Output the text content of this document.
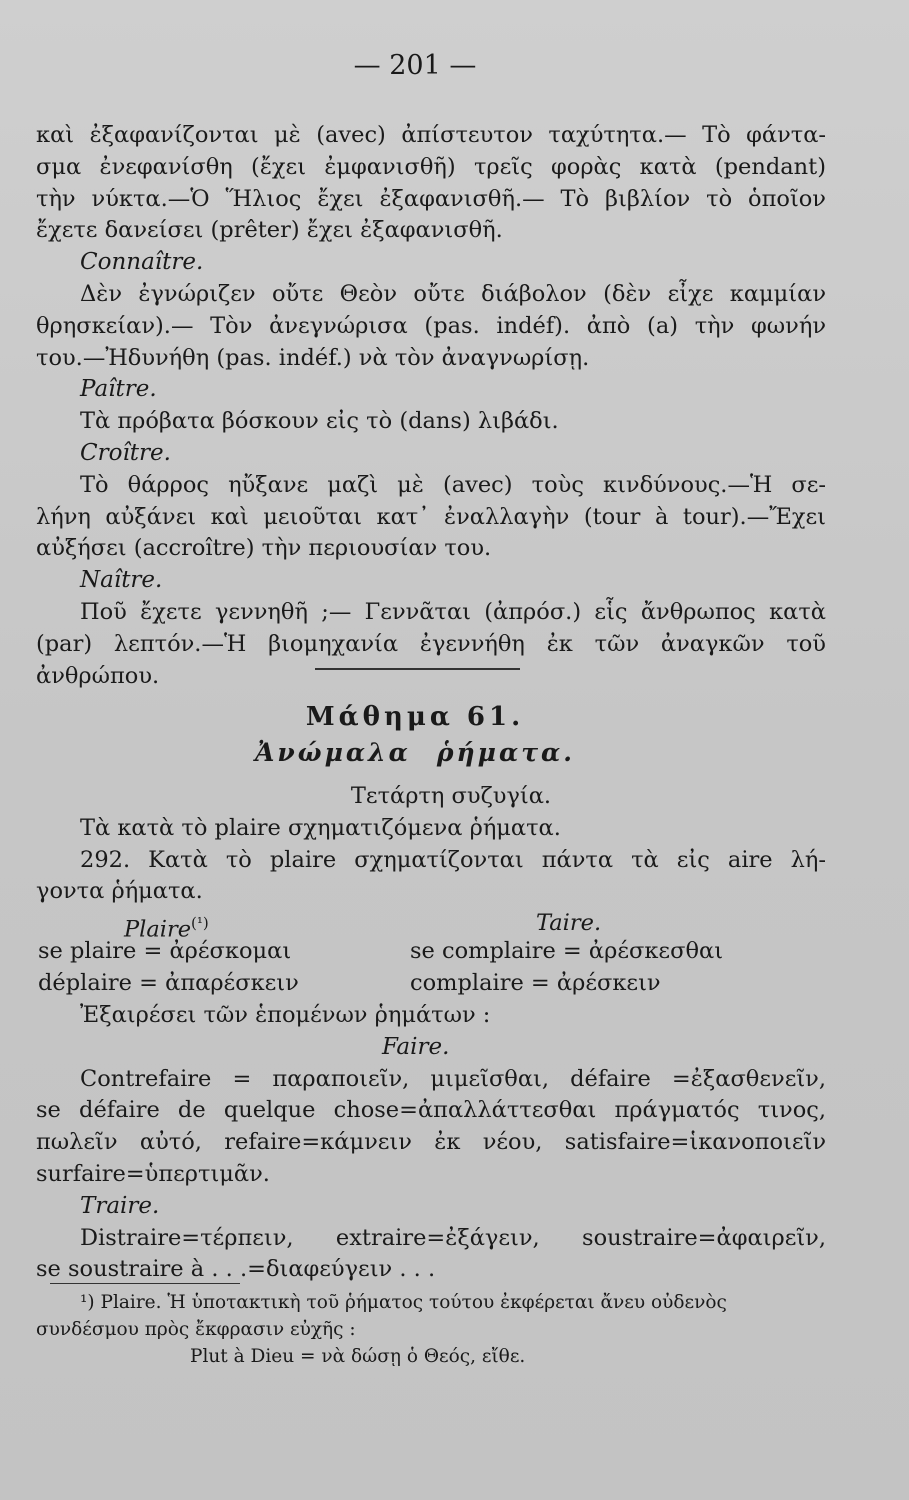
— 201 —
καὶ ἐξαφανίζονται μὲ (avec) ἀπίστευτον ταχύτητα.— Τὸ φάντα-
σμα ἐνεφανίσθη (ἔχει ἐμφανισθῆ) τρεῖς φορὰς κατὰ (pendant)
τὴν νύκτα.—Ὁ Ἥλιος ἔχει ἐξαφανισθῆ.— Τὸ βιβλίον τὸ ὁποῖον
ἔχετε δανείσει (prêter) ἔχει ἐξαφανισθῆ.
Connaître.
Δὲν ἐγνώριζεν οὔτε Θεὸν οὔτε διάβολον (δὲν εἶχε καμμίαν
θρησκείαν).— Τὸν ἀνεγνώρισα (pas. indéf). ἀπὸ (a) τὴν φωνήν
του.—Ἠδυνήθη (pas. indéf.) νὰ τὸν ἀναγνωρίσῃ.
Paître.
Τὰ πρόβατα βόσκουν εἰς τὸ (dans) λιβάδι.
Croître.
Τὸ θάρρος ηὔξανε μαζὶ μὲ (avec) τοὺς κινδύνους.—Ἡ σε-
λήνη αὐξάνει καὶ μειοῦται κατ᾽ ἐναλλαγὴν (tour à tour).—Ἔχει
αὐξήσει (accroître) τὴν περιουσίαν του.
Naître.
Ποῦ ἔχετε γεννηθῆ ;— Γεννᾶται (ἀπρόσ.) εἷς ἄνθρωπος κατὰ
(par) λεπτόν.—Ἡ βιομηχανία ἐγεννήθη ἐκ τῶν ἀναγκῶν τοῦ
ἀνθρώπου.
Μάθημα 61.
Ἀνώμαλα ῥήματα.
Τετάρτη συζυγία.
Τὰ κατὰ τὸ plaire σχηματιζόμενα ῥήματα.
292. Κατὰ τὸ plaire σχηματίζονται πάντα τὰ εἰς aire λή-
γοντα ῥήματα.
Plaire$^{(^1)}$	Taire.
se plaire = ἀρέσκομαι
déplaire = ἀπαρέσκειν
se complaire = ἀρέσκεσθαι
complaire = ἀρέσκειν
Ἐξαιρέσει τῶν ἑπομένων ῥημάτων :
Faire.
Contrefaire = παραποιεῖν, μιμεῖσθαι, défaire =ἐξασθενεῖν,
se défaire de quelque chose=ἀπαλλάττεσθαι πράγματός τινος,
πωλεῖν αὐτό, refaire=κάμνειν ἐκ νέου, satisfaire=ἱκανοποιεῖν
surfaire=ὑπερτιμᾶν.
Traire.
Distraire=τέρπειν, extraire=ἐξάγειν, soustraire=ἀφαιρεῖν,
se soustraire à . . .=διαφεύγειν . . .
¹) Plaire. Ἡ ὑποτακτικὴ τοῦ ῥήματος τούτου ἐκφέρεται ἄνευ οὐδενὸς
συνδέσμου πρὸς ἔκφρασιν εὐχῆς :
Plut à Dieu = νὰ δώσῃ ὁ Θεός, εἴθε.
